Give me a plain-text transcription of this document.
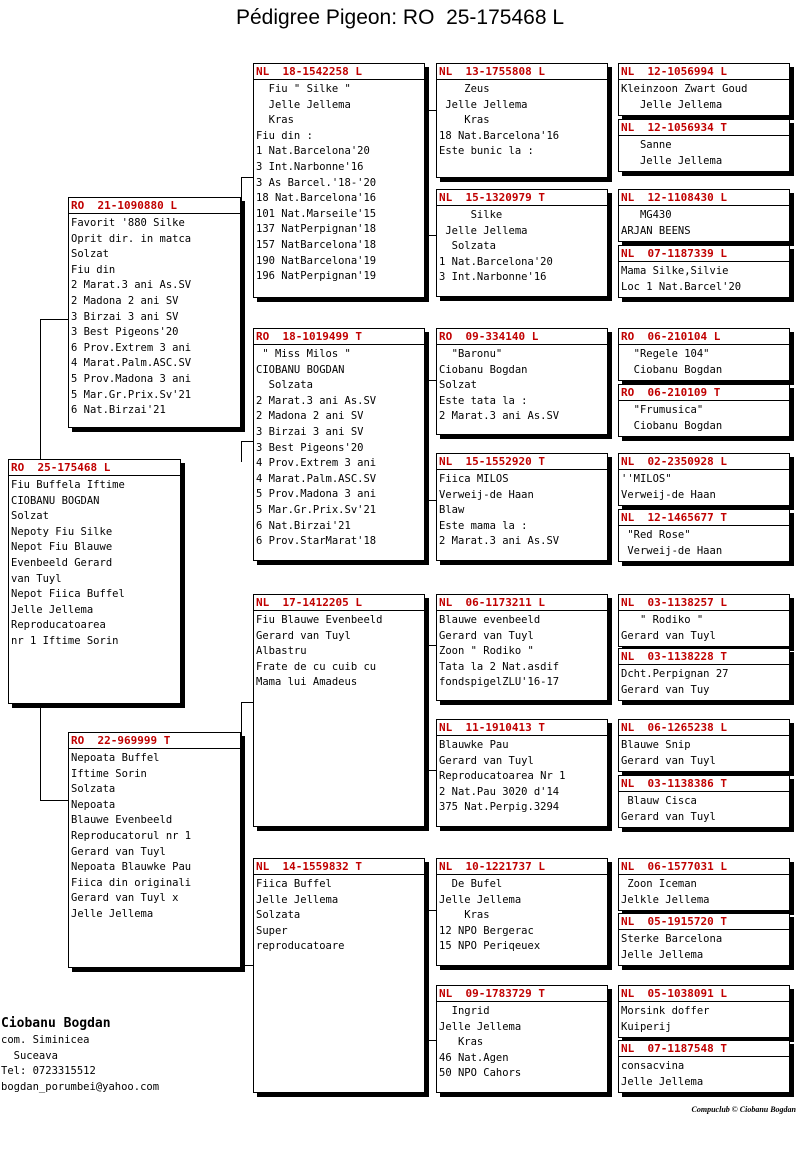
Pédigree Pigeon: RO  25-175468 L
RO  25-175468 L
Fiu Buffela Iftime
CIOBANU BOGDAN
Solzat
Nepoty Fiu Silke
Nepot Fiu Blauwe
Evenbeeld Gerard
van Tuyl
Nepot Fiica Buffel
Jelle Jellema
Reproducatoarea
nr 1 Iftime Sorin
RO  21-1090880 L
Favorit '880 Silke
Oprit dir. in matca
Solzat
Fiu din
2 Marat.3 ani As.SV
2 Madona 2 ani SV
3 Birzai 3 ani SV
3 Best Pigeons'20
6 Prov.Extrem 3 ani
4 Marat.Palm.ASC.SV
5 Prov.Madona 3 ani
5 Mar.Gr.Prix.Sv'21
6 Nat.Birzai'21
RO  22-969999 T
Nepoata Buffel
Iftime Sorin
Solzata
Nepoata
Blauwe Evenbeeld
Reproducatorul nr 1
Gerard van Tuyl
Nepoata Blauwke Pau
Fiica din originali
Gerard van Tuyl x
Jelle Jellema
NL  18-1542258 L
Fiu " Silke "
Jelle Jellema
Kras
Fiu din :
1 Nat.Barcelona'20
3 Int.Narbonne'16
3 As Barcel.'18-'20
18 Nat.Barcelona'16
101 Nat.Marseile'15
137 NatPerpignan'18
157 NatBarcelona'18
190 NatBarcelona'19
196 NatPerpignan'19
RO  18-1019499 T
" Miss Milos "
CIOBANU BOGDAN
Solzata
2 Marat.3 ani As.SV
2 Madona 2 ani SV
3 Birzai 3 ani SV
3 Best Pigeons'20
4 Prov.Extrem 3 ani
4 Marat.Palm.ASC.SV
5 Prov.Madona 3 ani
5 Mar.Gr.Prix.Sv'21
6 Nat.Birzai'21
6 Prov.StarMarat'18
NL  17-1412205 L
Fiu Blauwe Evenbeeld
Gerard van Tuyl
Albastru
Frate de cu cuib cu
Mama lui Amadeus
NL  14-1559832 T
Fiica Buffel
Jelle Jellema
Solzata
Super
reproducatoare
NL  13-1755808 L
Zeus
Jelle Jellema
Kras
18 Nat.Barcelona'16
Este bunic la :
NL  15-1320979 T
Silke
Jelle Jellema
Solzata
1 Nat.Barcelona'20
3 Int.Narbonne'16
RO  09-334140 L
"Baronu"
Ciobanu Bogdan
Solzat
Este tata la :
2 Marat.3 ani As.SV
NL  15-1552920 T
Fiica MILOS
Verweij-de Haan
Blaw
Este mama la :
2 Marat.3 ani As.SV
NL  06-1173211 L
Blauwe evenbeeld
Gerard van Tuyl
Zoon " Rodiko "
Tata la 2 Nat.asdif
fondspigelZLU'16-17
NL  11-1910413 T
Blauwke Pau
Gerard van Tuyl
Reproducatoarea Nr 1
2 Nat.Pau 3020 d'14
375 Nat.Perpig.3294
NL  10-1221737 L
De Bufel
Jelle Jellema
Kras
12 NPO Bergerac
15 NPO Periqeuex
NL  09-1783729 T
Ingrid
Jelle Jellema
Kras
46 Nat.Agen
50 NPO Cahors
NL  12-1056994 L
Kleinzoon Zwart Goud
Jelle Jellema
NL  12-1056934 T
Sanne
Jelle Jellema
NL  12-1108430 L
MG430
ARJAN BEENS
NL  07-1187339 L
Mama Silke,Silvie
Loc 1 Nat.Barcel'20
RO  06-210104 L
"Regele 104"
Ciobanu Bogdan
RO  06-210109 T
"Frumusica"
Ciobanu Bogdan
NL  02-2350928 L
''MILOS"
Verweij-de Haan
NL  12-1465677 T
"Red Rose"
Verweij-de Haan
NL  03-1138257 L
" Rodiko "
Gerard van Tuyl
NL  03-1138228 T
Dcht.Perpignan 27
Gerard van Tuy
NL  06-1265238 L
Blauwe Snip
Gerard van Tuyl
NL  03-1138386 T
Blauw Cisca
Gerard van Tuyl
NL  06-1577031 L
Zoon Iceman
Jelkle Jellema
NL  05-1915720 T
Sterke Barcelona
Jelle Jellema
NL  05-1038091 L
Morsink doffer
Kuiperij
NL  07-1187548 T
consacvina
Jelle Jellema
Ciobanu Bogdan
com. Siminicea
Suceava
Tel: 0723315512
bogdan_porumbei@yahoo.com
Compuclub © Ciobanu Bogdan
